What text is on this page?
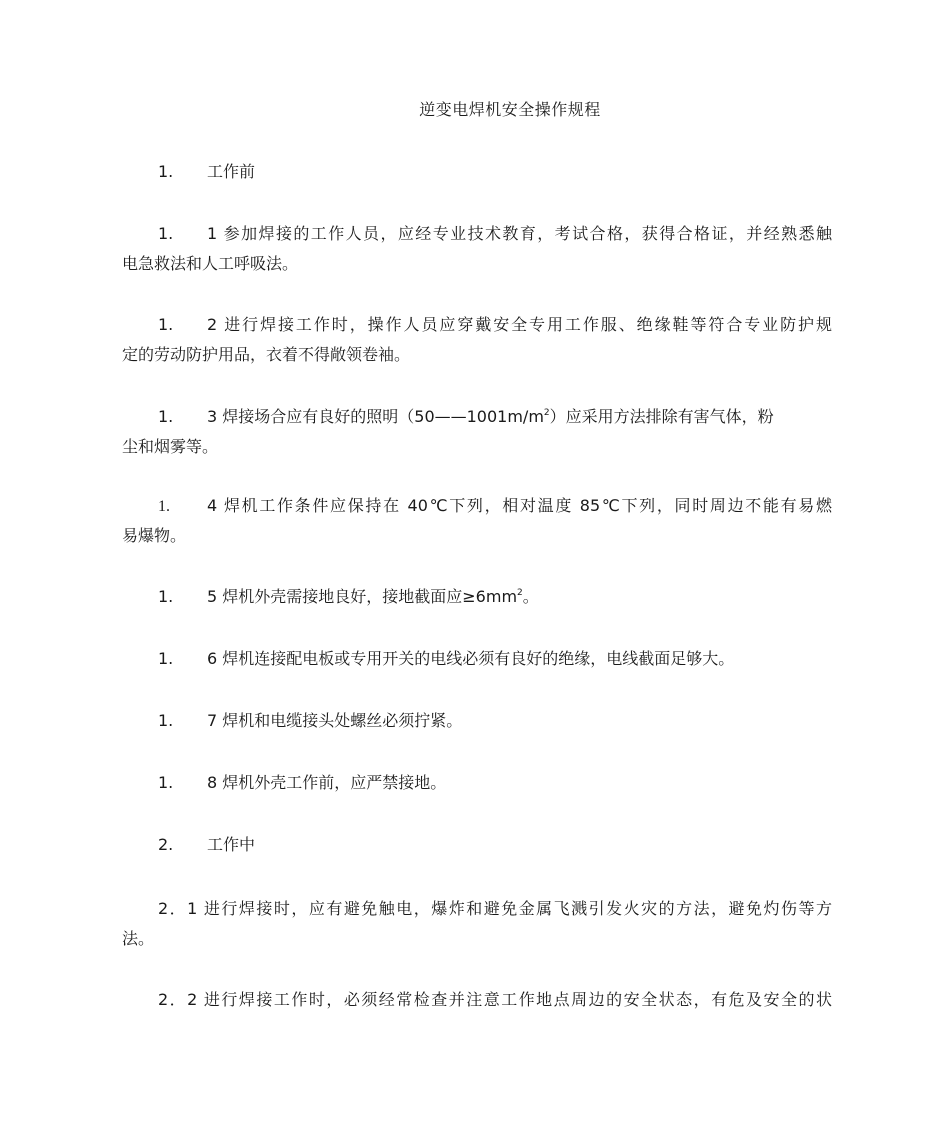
逆变电焊机安全操作规程
1. 工作前
1. 1 参加焊接的工作人员，应经专业技术教育，考试合格，获得合格证，并经熟悉触
电急救法和人工呼吸法。
1. 2 进行焊接工作时，操作人员应穿戴安全专用工作服、绝缘鞋等符合专业防护规
定的劳动防护用品，衣着不得敞领卷袖。
1. 3 焊接场合应有良好的照明$(50——1001m/m^2)$应采用方法排除有害气体，粉
尘和烟雾等。
1. 4 焊机工作条件应保持在 40℃下列，相对温度 85℃下列，同时周边不能有易燃
易爆物。
1. 5 焊机外壳需接地良好，接地截面应$\ge 6mm^2$。
1. 6 焊机连接配电板或专用开关的电线必须有良好的绝缘，电线截面足够大。
1. 7 焊机和电缆接头处螺丝必须拧紧。
1. 8 焊机外壳工作前，应严禁接地。
2. 工作中
2．1 进行焊接时，应有避免触电，爆炸和避免金属飞溅引发火灾的方法，避免灼伤等方
法。
2．2 进行焊接工作时，必须经常检查并注意工作地点周边的安全状态，有危及安全的状
